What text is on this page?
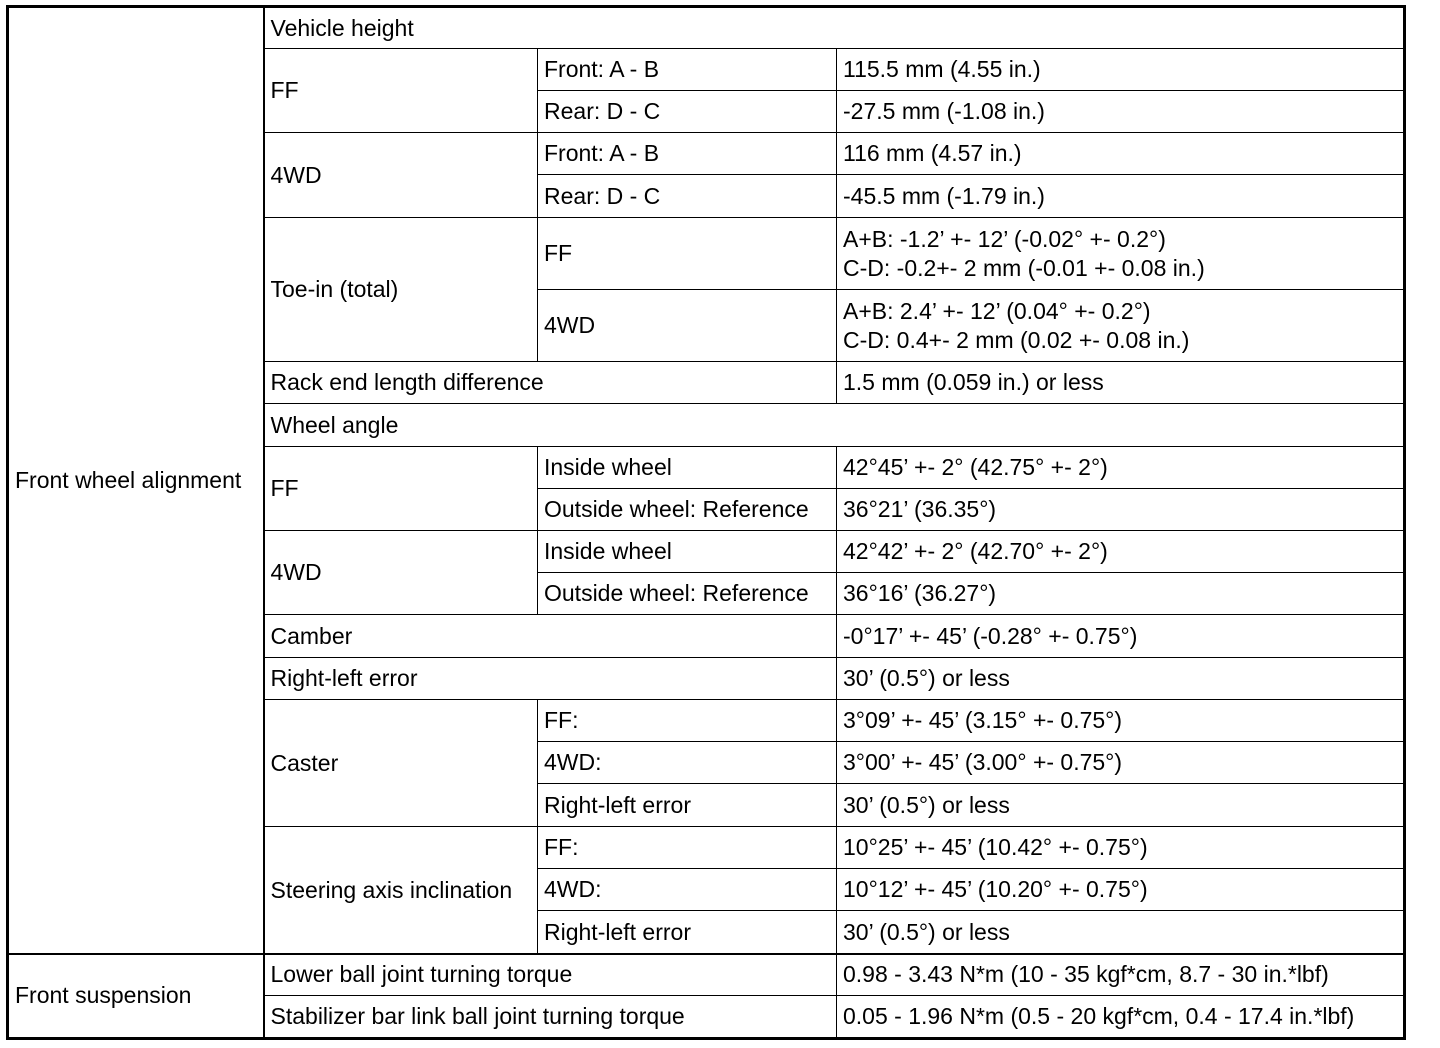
Front wheel alignment	Vehicle height		
	FF	Front: A - B	115.5 mm (4.55 in.)
		Rear: D - C	-27.5 mm (-1.08 in.)
	4WD	Front: A - B	116 mm (4.57 in.)
		Rear: D - C	-45.5 mm (-1.79 in.)
	Toe-in (total)	FF	A+B: -1.2’ +- 12’ (-0.02° +- 0.2°)
C-D: -0.2+- 2 mm (-0.01 +- 0.08 in.)

		4WD	A+B: 2.4’ +- 12’ (0.04° +- 0.2°)
C-D: 0.4+- 2 mm (0.02 +- 0.08 in.)

	Rack end length difference		1.5 mm (0.059 in.) or less
	Wheel angle		
	FF	Inside wheel	42°45’ +- 2° (42.75° +- 2°)
		Outside wheel: Reference	36°21’ (36.35°)
	4WD	Inside wheel	42°42’ +- 2° (42.70° +- 2°)
		Outside wheel: Reference	36°16’ (36.27°)
	Camber		-0°17’ +- 45’ (-0.28° +- 0.75°)
	Right-left error		30’ (0.5°) or less
	Caster	FF:	3°09’ +- 45’ (3.15° +- 0.75°)
		4WD:	3°00’ +- 45’ (3.00° +- 0.75°)
		Right-left error	30’ (0.5°) or less
	Steering axis inclination	FF:	10°25’ +- 45’ (10.42° +- 0.75°)
		4WD:	10°12’ +- 45’ (10.20° +- 0.75°)
		Right-left error	30’ (0.5°) or less

Front suspension	Lower ball joint turning torque		0.98 - 3.43 N*m (10 - 35 kgf*cm, 8.7 - 30 in.*lbf)
	Stabilizer bar link ball joint turning torque		0.05 - 1.96 N*m (0.5 - 20 kgf*cm, 0.4 - 17.4 in.*lbf)
